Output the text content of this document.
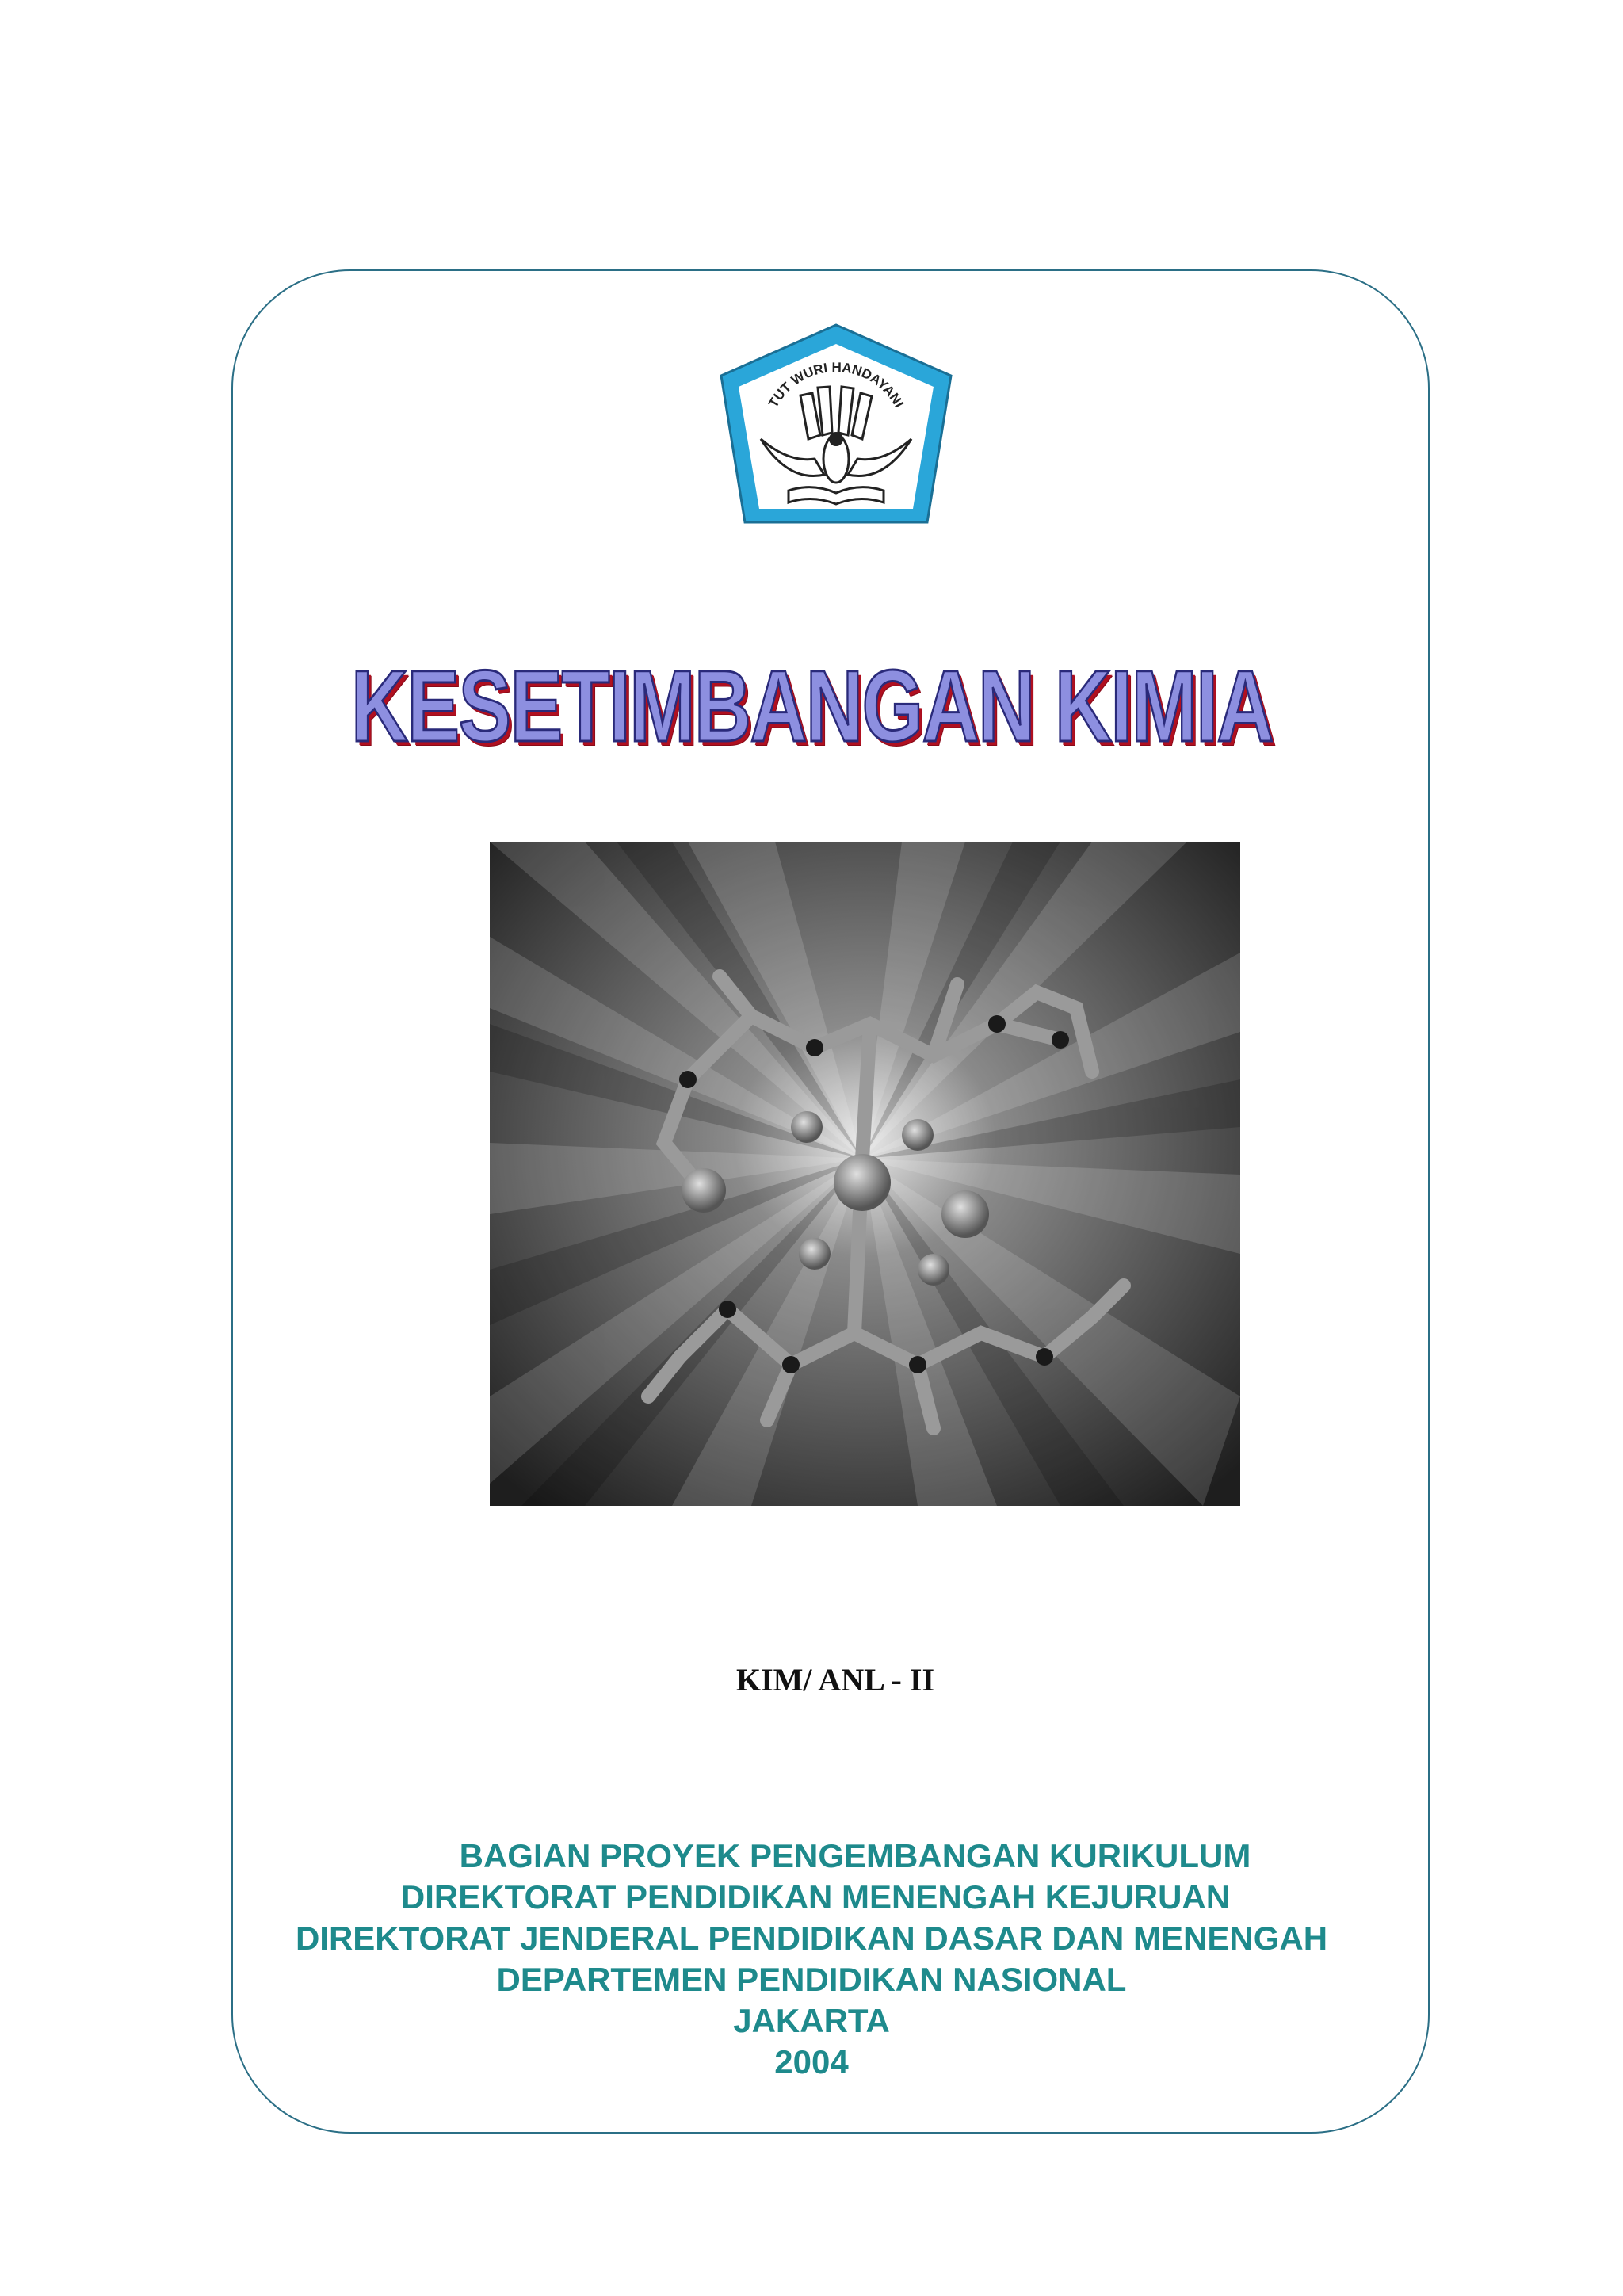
TUT WURI HANDAYANI
KESETIMBANGAN KIMIA
KIM/ ANL - II
BAGIAN PROYEK PENGEMBANGAN KURIKULUM
DIREKTORAT PENDIDIKAN MENENGAH KEJURUAN
DIREKTORAT JENDERAL PENDIDIKAN DASAR DAN MENENGAH
DEPARTEMEN PENDIDIKAN NASIONAL
JAKARTA
2004
